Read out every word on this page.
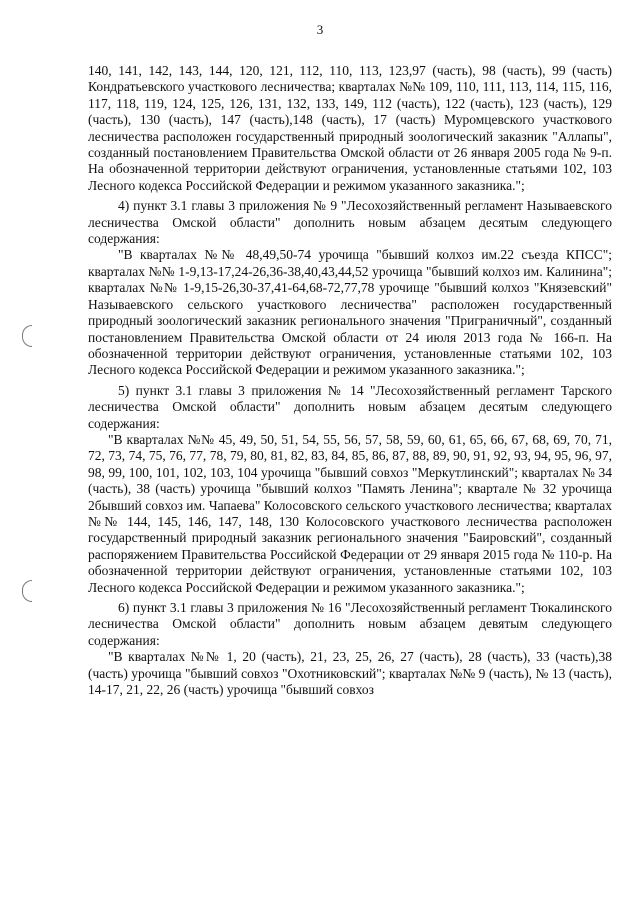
3

140, 141, 142, 143, 144, 120, 121, 112, 110, 113, 123,97 (часть), 98 (часть), 99 (часть) Кондратьевского участкового лесничества; кварталах №№ 109, 110, 111, 113, 114, 115, 116, 117, 118, 119, 124, 125, 126, 131, 132, 133, 149, 112 (часть), 122 (часть), 123 (часть), 129 (часть), 130 (часть), 147 (часть),148 (часть), 17 (часть) Муромцевского участкового лесничества расположен государственный природный зоологический заказник "Аллапы", созданный постановлением Правительства Омской области от 26 января 2005 года № 9-п. На обозначенной территории действуют ограничения, установленные статьями 102, 103 Лесного кодекса Российской Федерации и режимом указанного заказника.";

4) пункт 3.1 главы 3 приложения № 9 "Лесохозяйственный регламент Называевского лесничества Омской области" дополнить новым абзацем десятым следующего содержания:

"В кварталах №№ 48,49,50-74 урочища "бывший колхоз им.22 съезда КПСС"; кварталах №№ 1-9,13-17,24-26,36-38,40,43,44,52 урочища "бывший колхоз им. Калинина"; кварталах №№ 1-9,15-26,30-37,41-64,68-72,77,78 урочище "бывший колхоз "Князевский" Называевского сельского участкового лесничества" расположен государственный природный зоологический заказник регионального значения "Приграничный", созданный постановлением Правительства Омской области от 24 июля 2013 года № 166-п. На обозначенной территории действуют ограничения, установленные статьями 102, 103 Лесного кодекса Российской Федерации и режимом указанного заказника.";

5) пункт 3.1 главы 3 приложения № 14 "Лесохозяйственный регламент Тарского лесничества Омской области" дополнить новым абзацем десятым следующего содержания:

"В кварталах №№ 45, 49, 50, 51, 54, 55, 56, 57, 58, 59, 60, 61, 65, 66, 67, 68, 69, 70, 71, 72, 73, 74, 75, 76, 77, 78, 79, 80, 81, 82, 83, 84, 85, 86, 87, 88, 89, 90, 91, 92, 93, 94, 95, 96, 97, 98, 99, 100, 101, 102, 103, 104 урочища "бывший совхоз "Меркутлинский"; кварталах № 34 (часть), 38 (часть) урочища "бывший колхоз "Память Ленина"; квартале № 32 урочища 2бывший совхоз им. Чапаева" Колосовского сельского участкового лесничества; кварталах №№ 144, 145, 146, 147, 148, 130 Колосовского участкового лесничества расположен государственный природный заказник регионального значения "Баировский", созданный распоряжением Правительства Российской Федерации от 29 января 2015 года № 110-р. На обозначенной территории действуют ограничения, установленные статьями 102, 103 Лесного кодекса Российской Федерации и режимом указанного заказника.";

6) пункт 3.1 главы 3 приложения № 16 "Лесохозяйственный регламент Тюкалинского лесничества Омской области" дополнить новым абзацем девятым следующего содержания:

"В кварталах №№ 1, 20 (часть), 21, 23, 25, 26, 27 (часть), 28 (часть), 33 (часть),38 (часть) урочища "бывший совхоз "Охотниковский"; кварталах №№ 9 (часть), № 13 (часть), 14-17, 21, 22, 26 (часть) урочища "бывший совхоз
